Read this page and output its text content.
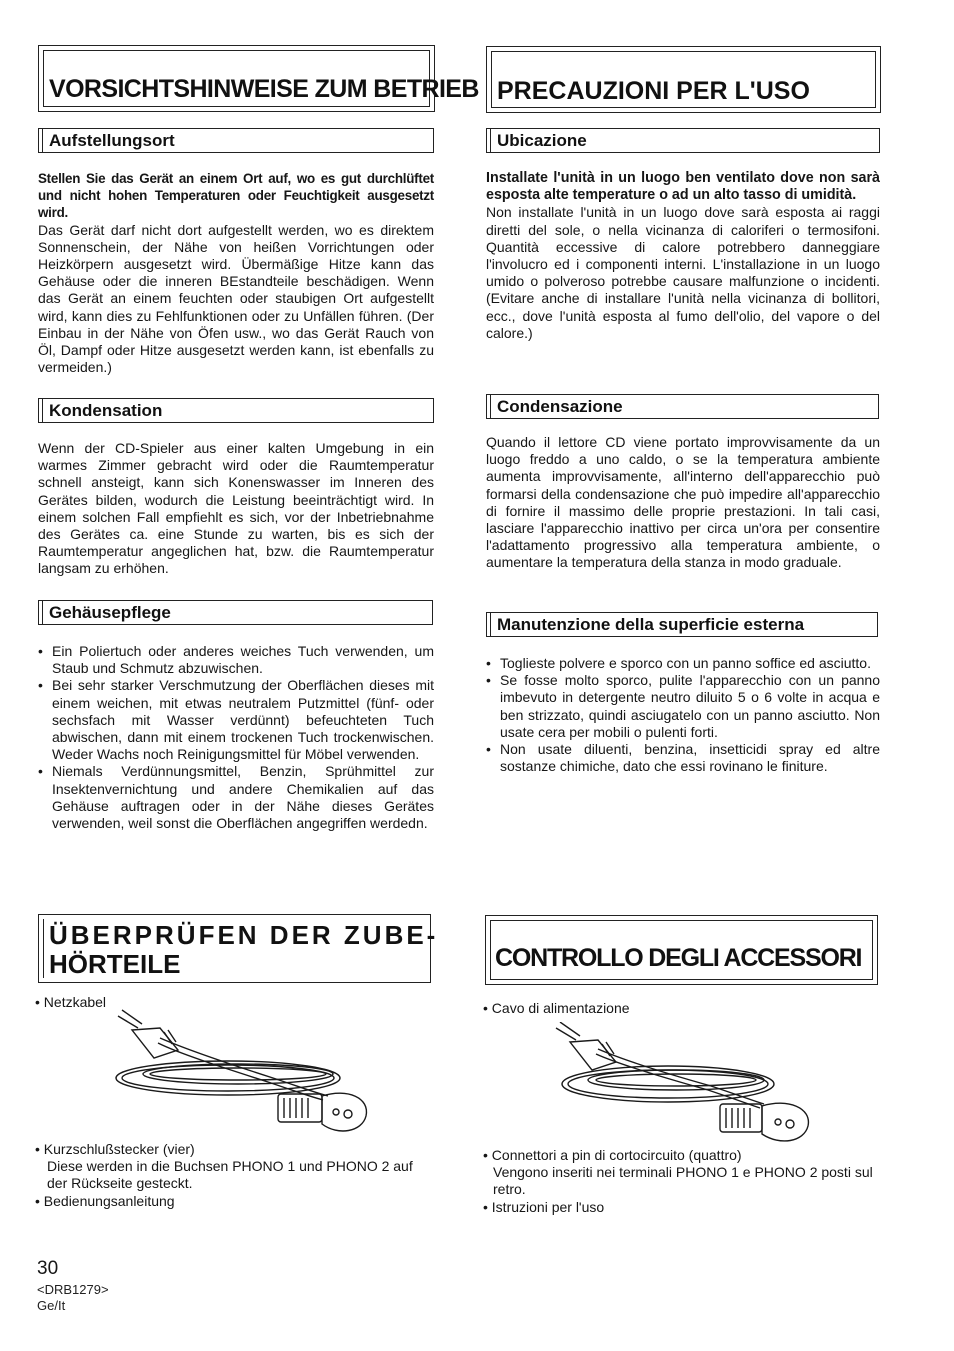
VORSICHTSHINWEISE ZUM BETRIEB
Aufstellungsort

Stellen Sie das Gerät an einem Ort auf, wo es gut durchlüftet und nicht hohen Temperaturen oder Feuchtigkeit ausgesetzt wird.

Das Gerät darf nicht dort aufgestellt werden, wo es direktem Sonnenschein, der Nähe von heißen Vorrichtungen oder Heizkörpern ausgesetzt wird. Übermäßige Hitze kann das Gehäuse oder die inneren BEstandteile beschädigen. Wenn das Gerät an einem feuchten oder staubigen Ort aufgestellt wird, kann dies zu Fehlfunktionen oder zu Unfällen führen. (Der Einbau in der Nähe von Öfen usw., wo das Gerät Rauch von Öl, Dampf oder Hitze ausgesetzt werden kann, ist ebenfalls zu vermeiden.)

Kondensation

Wenn der CD-Spieler aus einer kalten Umgebung in ein warmes Zimmer gebracht wird oder die Raumtemperatur schnell ansteigt, kann sich Konenswasser im Inneren des Gerätes bilden, wodurch die Leistung beeinträchtigt wird. In einem solchen Fall empfiehlt es sich, vor der Inbetriebnahme des Gerätes ca. eine Stunde zu warten, bis es sich der Raumtemperatur angeglichen hat, bzw. die Raumtemperatur langsam zu erhöhen.

Gehäusepflege
• Ein Poliertuch oder anderes weiches Tuch verwenden, um Staub und Schmutz abzuwischen.
• Bei sehr starker Verschmutzung der Oberflächen dieses mit einem weichen, mit etwas neutralem Putzmittel (fünf- oder sechsfach mit Wasser verdünnt) befeuchteten Tuch abwischen, dann mit einem trockenen Tuch trockenwischen. Weder Wachs noch Reinigungsmittel für Möbel verwenden.
• Niemals Verdünnungsmittel, Benzin, Sprühmittel zur Insektenvernichtung und andere Chemikalien auf das Gehäuse auftragen oder in der Nähe dieses Gerätes verwenden, weil sonst die Oberflächen angegriffen werdedn.
ÜBERPRÜFEN DER ZUBE-
HÖRTEILE
• Netzkabel
• Kurzschlußstecker (vier)
Diese werden in die Buchsen PHONO 1 und PHONO 2 auf der Rückseite gesteckt.
• Bedienungsanleitung
PRECAUZIONI PER L'USO
Ubicazione

Installate l'unità in un luogo ben ventilato dove non sarà esposta alte temperature o ad un alto tasso di umidità.

Non installate l'unità in un luogo dove sarà esposta ai raggi diretti del sole, o nella vicinanza di caloriferi o termosifoni. Quantità eccessive di calore potrebbero danneggiare l'involucro ed i componenti interni. L'installazione in un luogo umido o polveroso potrebbe causare malfunzione o incidenti. (Evitare anche di installare l'unità nella vicinanza di bollitori, ecc., dove l'unità esposta al fumo dell'olio, del vapore o del calore.)

Condensazione

Quando il lettore CD viene portato improvvisamente da un luogo freddo a uno caldo, o se la temperatura ambiente aumenta improvvisamente, all'interno dell'apparecchio può formarsi della condensazione che può impedire all'apparecchio di fornire il massimo delle proprie prestazioni. In tali casi, lasciare l'apparecchio inattivo per circa un'ora per consentire l'adattamento progressivo alla temperatura ambiente, o aumentare la temperatura della stanza in modo graduale.

Manutenzione della superficie esterna
• Toglieste polvere e sporco con un panno soffice ed asciutto.
• Se fosse molto sporco, pulite l'apparecchio con un panno imbevuto in detergente neutro diluito 5 o 6 volte in acqua e ben strizzato, quindi asciugatelo con un panno asciutto. Non usate cera per mobili o pulenti forti.
• Non usate diluenti, benzina, insetticidi spray ed altre sostanze chimiche, dato che essi rovinano le finiture.
CONTROLLO DEGLI ACCESSORI
• Cavo di alimentazione
• Connettori a pin di cortocircuito (quattro)
Vengono inseriti nei terminali PHONO 1 e PHONO 2 posti sul retro.
• Istruzioni per l'uso
30
<DRB1279>
Ge/It
